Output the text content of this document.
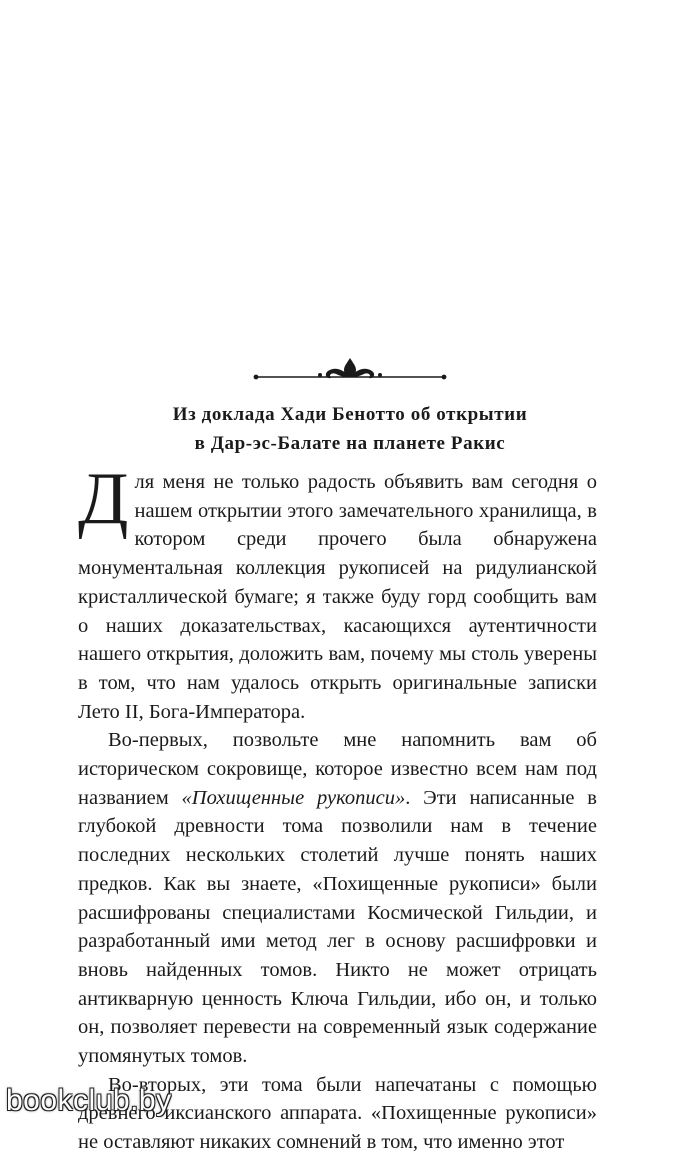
Из доклада Хади Бенотто об открытии
в Дар-эс-Балате на планете Ракис

Для меня не только радость объявить вам сегодня о нашем открытии этого замечательного хранилища, в котором среди прочего была обнаружена монументальная коллекция рукописей на ридулианской кристаллической бумаге; я также буду горд сообщить вам о наших доказательствах, касающихся аутентичности нашего открытия, доложить вам, почему мы столь уверены в том, что нам удалось открыть оригинальные записки Лето II, Бога-Императора.

Во-первых, позвольте мне напомнить вам об историческом сокровище, которое известно всем нам под названием «Похищенные рукописи». Эти написанные в глубокой древности тома позволили нам в течение последних нескольких столетий лучше понять наших предков. Как вы знаете, «Похищенные рукописи» были расшифрованы специалистами Космической Гильдии, и разработанный ими метод лег в основу расшифровки и вновь найденных томов. Никто не может отрицать антикварную ценность Ключа Гильдии, ибо он, и только он, позволяет перевести на современный язык содержание упомянутых томов.

Во-вторых, эти тома были напечатаны с помощью древнего иксианского аппарата. «Похищенные рукописи» не оставляют никаких сомнений в том, что именно этот

bookclub.by
